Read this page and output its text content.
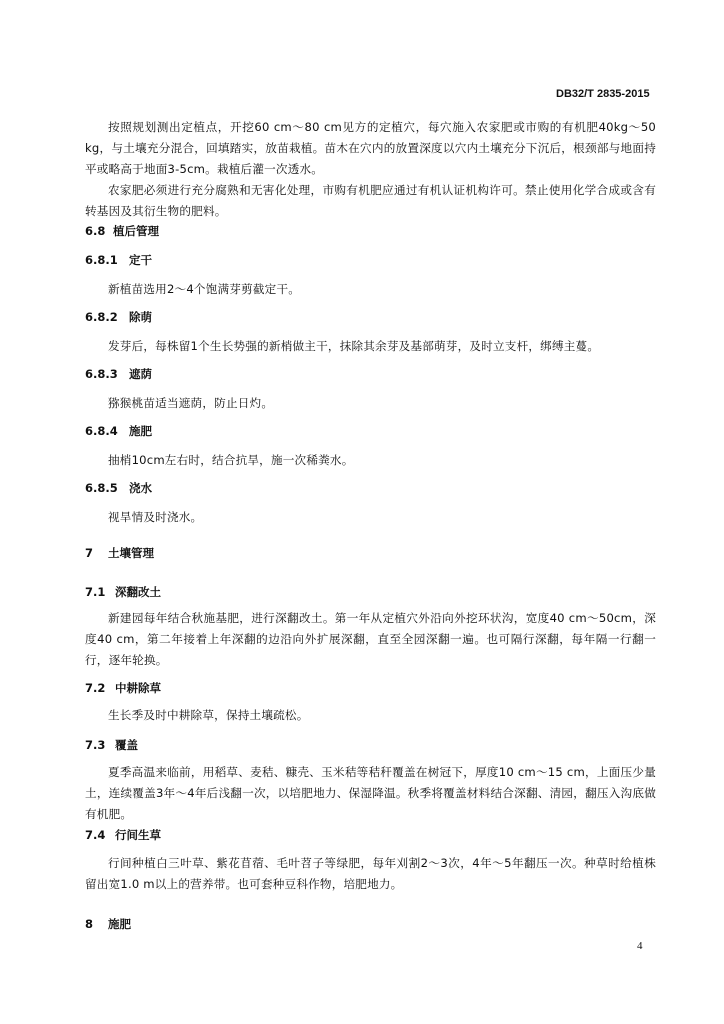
DB32/T 2835-2015
按照规划测出定植点，开挖60 cm～80 cm见方的定植穴，每穴施入农家肥或市购的有机肥40kg～50 kg，与土壤充分混合，回填踏实，放苗栽植。苗木在穴内的放置深度以穴内土壤充分下沉后，根颈部与地面持平或略高于地面3-5cm。栽植后灌一次透水。
农家肥必须进行充分腐熟和无害化处理，市购有机肥应通过有机认证机构许可。禁止使用化学合成或含有转基因及其衍生物的肥料。
6.8 植后管理
6.8.1 定干
新植苗选用2～4个饱满芽剪截定干。
6.8.2 除萌
发芽后，每株留1个生长势强的新梢做主干，抹除其余芽及基部萌芽，及时立支杆，绑缚主蔓。
6.8.3 遮荫
猕猴桃苗适当遮荫，防止日灼。
6.8.4 施肥
抽梢10cm左右时，结合抗旱，施一次稀粪水。
6.8.5 浇水
视旱情及时浇水。
7 土壤管理
7.1 深翻改土
新建园每年结合秋施基肥，进行深翻改土。第一年从定植穴外沿向外挖环状沟，宽度40 cm～50cm，深度40 cm，第二年接着上年深翻的边沿向外扩展深翻，直至全园深翻一遍。也可隔行深翻，每年隔一行翻一行，逐年轮换。
7.2 中耕除草
生长季及时中耕除草，保持土壤疏松。
7.3 覆盖
夏季高温来临前，用稻草、麦秸、糠壳、玉米秸等秸秆覆盖在树冠下，厚度10 cm～15 cm，上面压少量土，连续覆盖3年～4年后浅翻一次，以培肥地力、保湿降温。秋季将覆盖材料结合深翻、清园，翻压入沟底做有机肥。
7.4 行间生草
行间种植白三叶草、紫花苜蓿、毛叶苕子等绿肥，每年刈割2～3次，4年～5年翻压一次。种草时给植株留出宽1.0 m以上的营养带。也可套种豆科作物，培肥地力。
8 施肥
4
